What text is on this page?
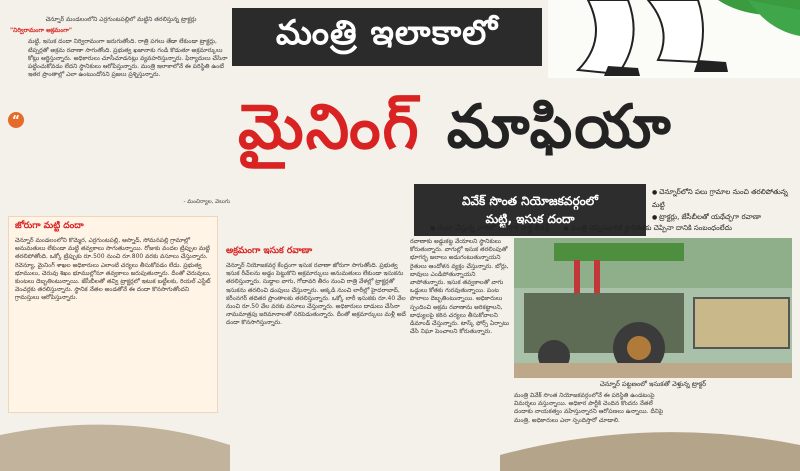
మంత్రి ఇలాకాలో
మైనింగ్ మాఫియా

చెన్నూర్ మండలంలోని ఎర్రగుంటపల్లిలో మట్టిని తరలిస్తున్న ట్రాక్టర్లు

"నిర్విరామంగా అక్రమంగా"

మట్టి, ఇసుక దందా నిర్విరామంగా జరుగుతోంది. రాత్రి పగలు తేడా లేకుండా ట్రాక్టర్లు, టిప్పర్లతో అక్రమ రవాణా సాగుతోంది. ప్రభుత్వ ఖజానాకు గండి కొడుతూ అక్రమార్కులు కోట్లు ఆర్జిస్తున్నారు. అధికారులు చూసీచూడనట్లు వ్యవహరిస్తున్నారు. ఫిర్యాదులు చేసినా పట్టించుకోవడం లేదని స్థానికులు ఆరోపిస్తున్నారు. మంత్రి ఇలాకాలోనే ఈ పరిస్థితి ఉంటే ఇతర ప్రాంతాల్లో ఎలా ఉంటుందోనని ప్రజలు ప్రశ్నిస్తున్నారు.

“
- మంచిర్యాల, వెలుగు	వివేక్ సొంత నియోజకవర్గంలో
మట్టి, ఇసుక దందా
● చెన్నూర్‌లోని పలు గ్రామాల నుంచి తరలిపోతున్న మట్టి
● ట్రాక్టర్లు, జేసీబీలతో యథేచ్ఛగా రవాణా
● దందా చేస్తున్న వారిలో అధికార పార్టీ లీడర్లే..
●	మంత్రి చెప్పినవారికే స్థానికతకు చెప్పినా దానికి సంబంధంలేదు
జోరుగా మట్టి దందా

చెన్నూర్ మండలంలోని కొమ్మెర, ఎర్రగుంటపల్లి, ఆస్నాద్, సోమనపల్లి గ్రామాల్లో అనుమతులు లేకుండా మట్టి తవ్వకాలు సాగుతున్నాయి. రోజుకు వందల ట్రిప్పుల మట్టి తరలిపోతోంది. ఒక్కో ట్రిప్పుకు రూ.500 నుంచి రూ.800 వరకు వసూలు చేస్తున్నారు. రెవెన్యూ, మైనింగ్ శాఖల అధికారులు ఎలాంటి చర్యలు తీసుకోవడం లేదు. ప్రభుత్వ భూములు, చెరువు శిఖం భూముల్లోనూ తవ్వకాలు జరుపుతున్నారు. దీంతో చెరువులు, కుంటలు దెబ్బతింటున్నాయి. జేసీబీలతో తవ్వి ట్రాక్టర్లలో ఇటుక బట్టీలకు, రియల్ ఎస్టేట్ వెంచర్లకు తరలిస్తున్నారు. స్థానిక నేతల అండతోనే ఈ దందా కొనసాగుతోందని గ్రామస్తులు ఆరోపిస్తున్నారు.

అక్రమంగా ఇసుక రవాణా

చెన్నూర్ నియోజకవర్గ కేంద్రంగా ఇసుక రవాణా జోరుగా సాగుతోంది. ప్రభుత్వ ఇసుక రీచ్‌లను అడ్డం పెట్టుకొని అక్రమార్కులు అనుమతులు లేకుండా ఇసుకను తరలిస్తున్నారు. సుద్దాల వాగు, గోదావరి తీరం నుంచి రాత్రి వేళల్లో ట్రాక్టర్లతో ఇసుకను తరలించి డంపులు చేస్తున్నారు. అక్కడి నుంచి లారీల్లో హైదరాబాద్, కరీంనగర్ తదితర ప్రాంతాలకు తరలిస్తున్నారు. ఒక్కో లారీ ఇసుకకు రూ.40 వేల నుంచి రూ.50 వేల వరకు వసూలు చేస్తున్నారు. అధికారులు దాడులు చేసినా నామమాత్రపు జరిమానాలతో సరిపెడుతున్నారు. దీంతో అక్రమార్కులు మళ్లీ అదే దందా కొనసాగిస్తున్నారు.

రవాణాకు అడ్డుకట్ట వేయాలని స్థానికులు కోరుతున్నారు. వాగుల్లో ఇసుక తరలింపుతో భూగర్భ జలాలు అడుగంటుతున్నాయని రైతులు ఆందోళన వ్యక్తం చేస్తున్నారు. బోర్లు, బావులు ఎండిపోతున్నాయని వాపోతున్నారు. ఇసుక తవ్వకాలతో వాగు ఒడ్డులు కోతకు గురవుతున్నాయి. పంట పొలాలు దెబ్బతింటున్నాయి. అధికారులు స్పందించి అక్రమ రవాణాను అరికట్టాలని, బాధ్యులపై కఠిన చర్యలు తీసుకోవాలని డిమాండ్ చేస్తున్నారు. టాస్క్ ఫోర్స్ ఏర్పాటు చేసి నిఘా పెంచాలని కోరుతున్నారు.

చెన్నూర్ పట్టణంలో ఇసుకతో వెళ్తున్న ట్రాక్టర్

మంత్రి వివేక్ సొంత నియోజకవర్గంలోనే ఈ పరిస్థితి ఉండటంపై విమర్శలు వస్తున్నాయి. అధికార పార్టీకి చెందిన కొందరు నేతలే దందాకు నాయకత్వం వహిస్తున్నారని ఆరోపణలు ఉన్నాయి. దీనిపై మంత్రి, అధికారులు ఎలా స్పందిస్తారో చూడాలి.
